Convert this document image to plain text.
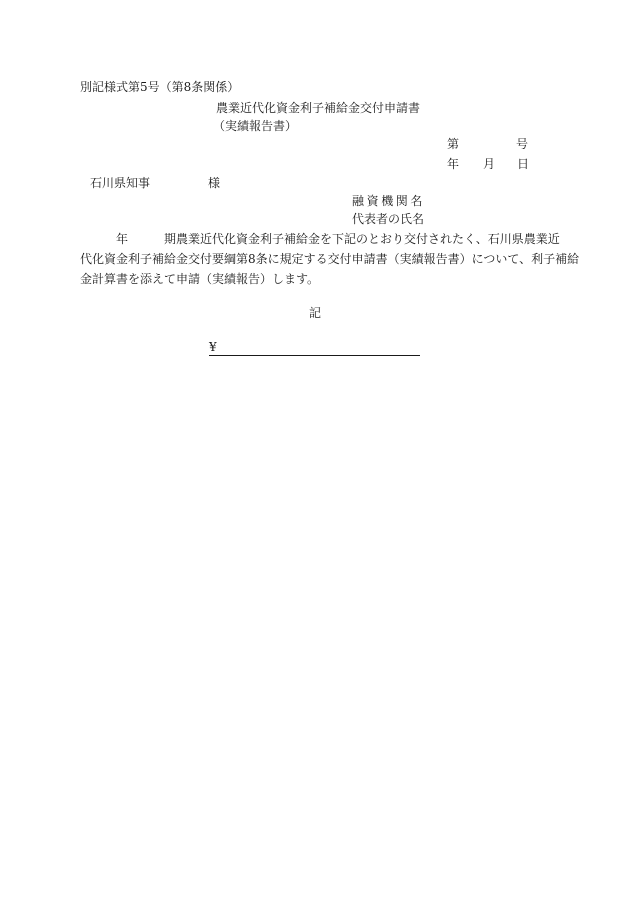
別記様式第5号（第8条関係）
農業近代化資金利子補給金交付申請書
（実績報告書）
第	号
年 月 日
石川県知事	様
融資機関名
代表者の氏名
　　　年　　　期農業近代化資金利子補給金を下記のとおり交付されたく、石川県農業近
代化資金利子補給金交付要綱第8条に規定する交付申請書（実績報告書）について、利子補給
金計算書を添えて申請（実績報告）します。
記
¥
